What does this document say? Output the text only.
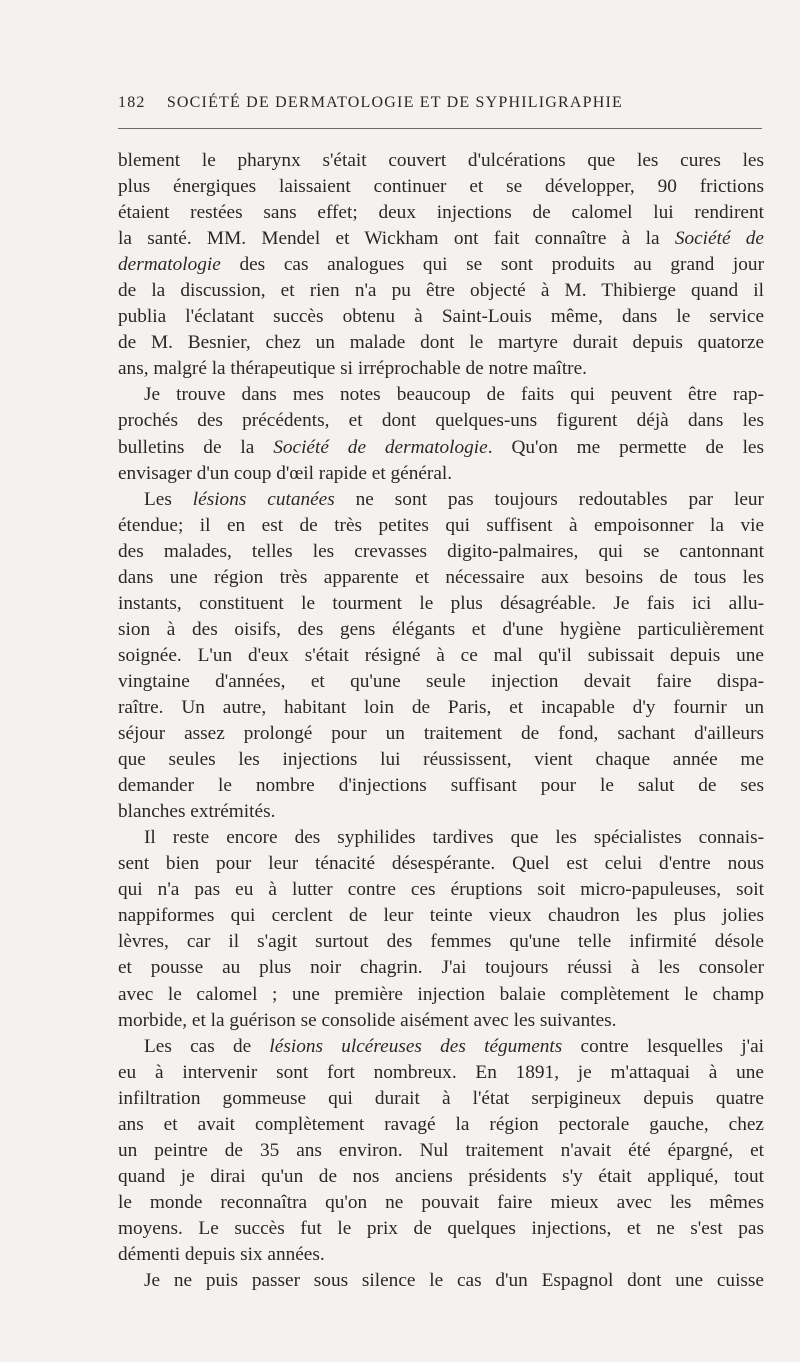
182 SOCIÉTÉ DE DERMATOLOGIE ET DE SYPHILIGRAPHIE
blement le pharynx s'était couvert d'ulcérations que les cures les
plus énergiques laissaient continuer et se développer, 90 frictions
étaient restées sans effet; deux injections de calomel lui rendirent
la santé. MM. Mendel et Wickham ont fait connaître à la Société de
dermatologie des cas analogues qui se sont produits au grand jour
de la discussion, et rien n'a pu être objecté à M. Thibierge quand il
publia l'éclatant succès obtenu à Saint-Louis même, dans le service
de M. Besnier, chez un malade dont le martyre durait depuis quatorze
ans, malgré la thérapeutique si irréprochable de notre maître.
Je trouve dans mes notes beaucoup de faits qui peuvent être rap-
prochés des précédents, et dont quelques-uns figurent déjà dans les
bulletins de la Société de dermatologie. Qu'on me permette de les
envisager d'un coup d'œil rapide et général.
Les lésions cutanées ne sont pas toujours redoutables par leur
étendue; il en est de très petites qui suffisent à empoisonner la vie
des malades, telles les crevasses digito-palmaires, qui se cantonnant
dans une région très apparente et nécessaire aux besoins de tous les
instants, constituent le tourment le plus désagréable. Je fais ici allu-
sion à des oisifs, des gens élégants et d'une hygiène particulièrement
soignée. L'un d'eux s'était résigné à ce mal qu'il subissait depuis une
vingtaine d'années, et qu'une seule injection devait faire dispa-
raître. Un autre, habitant loin de Paris, et incapable d'y fournir un
séjour assez prolongé pour un traitement de fond, sachant d'ailleurs
que seules les injections lui réussissent, vient chaque année me
demander le nombre d'injections suffisant pour le salut de ses
blanches extrémités.
Il reste encore des syphilides tardives que les spécialistes connais-
sent bien pour leur ténacité désespérante. Quel est celui d'entre nous
qui n'a pas eu à lutter contre ces éruptions soit micro-papuleuses, soit
nappiformes qui cerclent de leur teinte vieux chaudron les plus jolies
lèvres, car il s'agit surtout des femmes qu'une telle infirmité désole
et pousse au plus noir chagrin. J'ai toujours réussi à les consoler
avec le calomel ; une première injection balaie complètement le champ
morbide, et la guérison se consolide aisément avec les suivantes.
Les cas de lésions ulcéreuses des téguments contre lesquelles j'ai
eu à intervenir sont fort nombreux. En 1891, je m'attaquai à une
infiltration gommeuse qui durait à l'état serpigineux depuis quatre
ans et avait complètement ravagé la région pectorale gauche, chez
un peintre de 35 ans environ. Nul traitement n'avait été épargné, et
quand je dirai qu'un de nos anciens présidents s'y était appliqué, tout
le monde reconnaîtra qu'on ne pouvait faire mieux avec les mêmes
moyens. Le succès fut le prix de quelques injections, et ne s'est pas
démenti depuis six années.
Je ne puis passer sous silence le cas d'un Espagnol dont une cuisse
